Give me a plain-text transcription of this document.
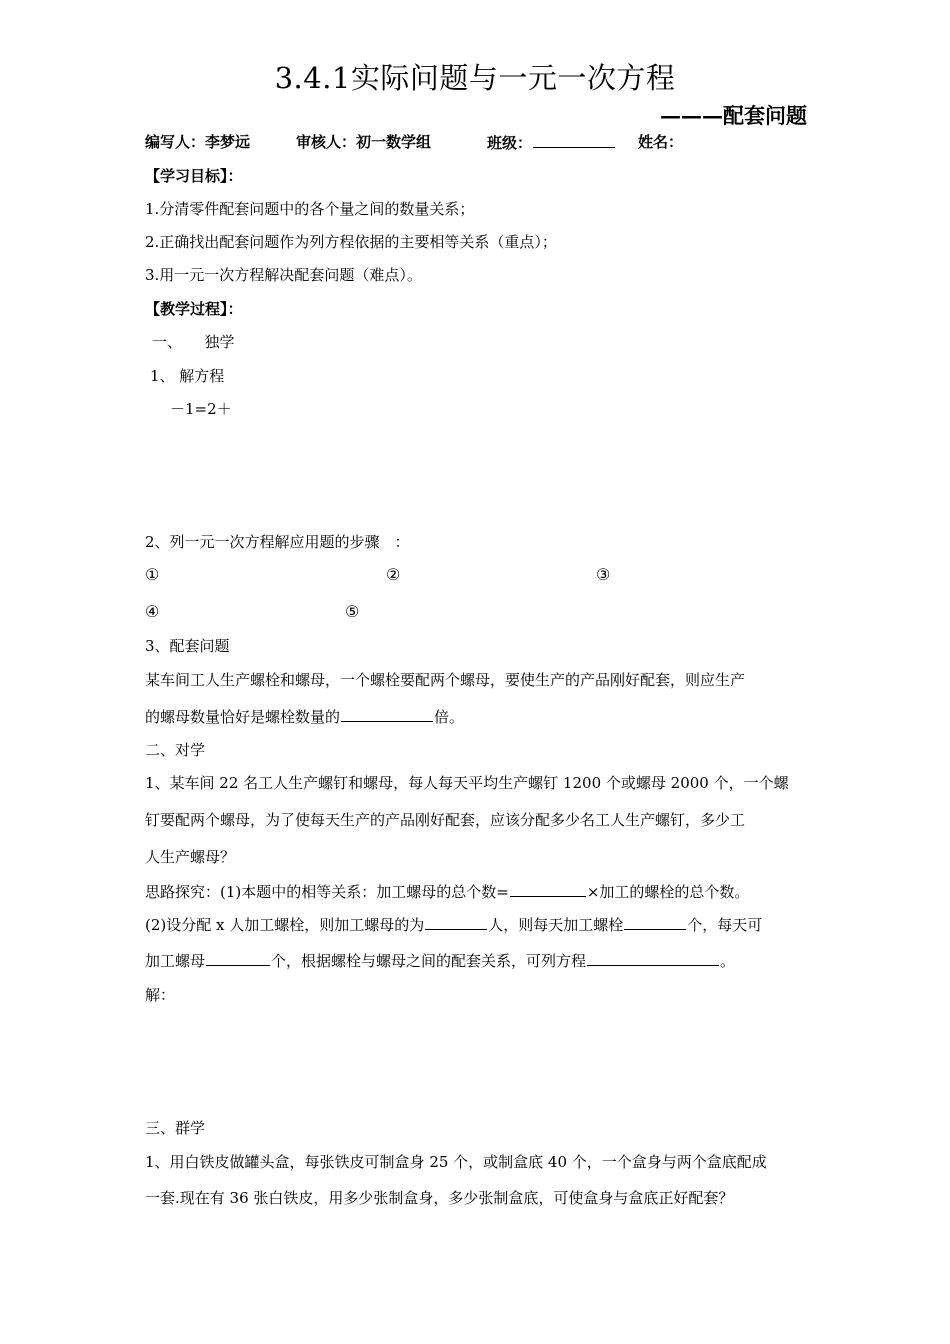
3.4.1实际问题与一元一次方程
———配套问题
编写人：李梦远	审核人：初一数学组	班级：	姓名：
【学习目标】：
1.分清零件配套问题中的各个量之间的数量关系；
2.正确找出配套问题作为列方程依据的主要相等关系（重点）；
3.用一元一次方程解决配套问题（难点）。
【教学过程】：
一、　　独学
1、 解方程
－1=2＋
2、列一元一次方程解应用题的步骤　：
①	②	③
④	⑤
3、配套问题
某车间工人生产螺栓和螺母，一个螺栓要配两个螺母，要使生产的产品刚好配套，则应生产
的螺母数量恰好是螺栓数量的	倍。
二、对学
1、某车间 22 名工人生产螺钉和螺母，每人每天平均生产螺钉 1200 个或螺母 2000 个，一个螺
钉要配两个螺母，为了使每天生产的产品刚好配套，应该分配多少名工人生产螺钉，多少工
人生产螺母？
思路探究：(1)本题中的相等关系：加工螺母的总个数=	×加工的螺栓的总个数。
(2)设分配 x 人加工螺栓，则加工螺母的为	人，则每天加工螺栓	个，每天可
加工螺母	个，根据螺栓与螺母之间的配套关系，可列方程	。
解：
三、群学
1、用白铁皮做罐头盒，每张铁皮可制盒身 25 个，或制盒底 40 个，一个盒身与两个盒底配成
一套.现在有 36 张白铁皮，用多少张制盒身，多少张制盒底，可使盒身与盒底正好配套？
